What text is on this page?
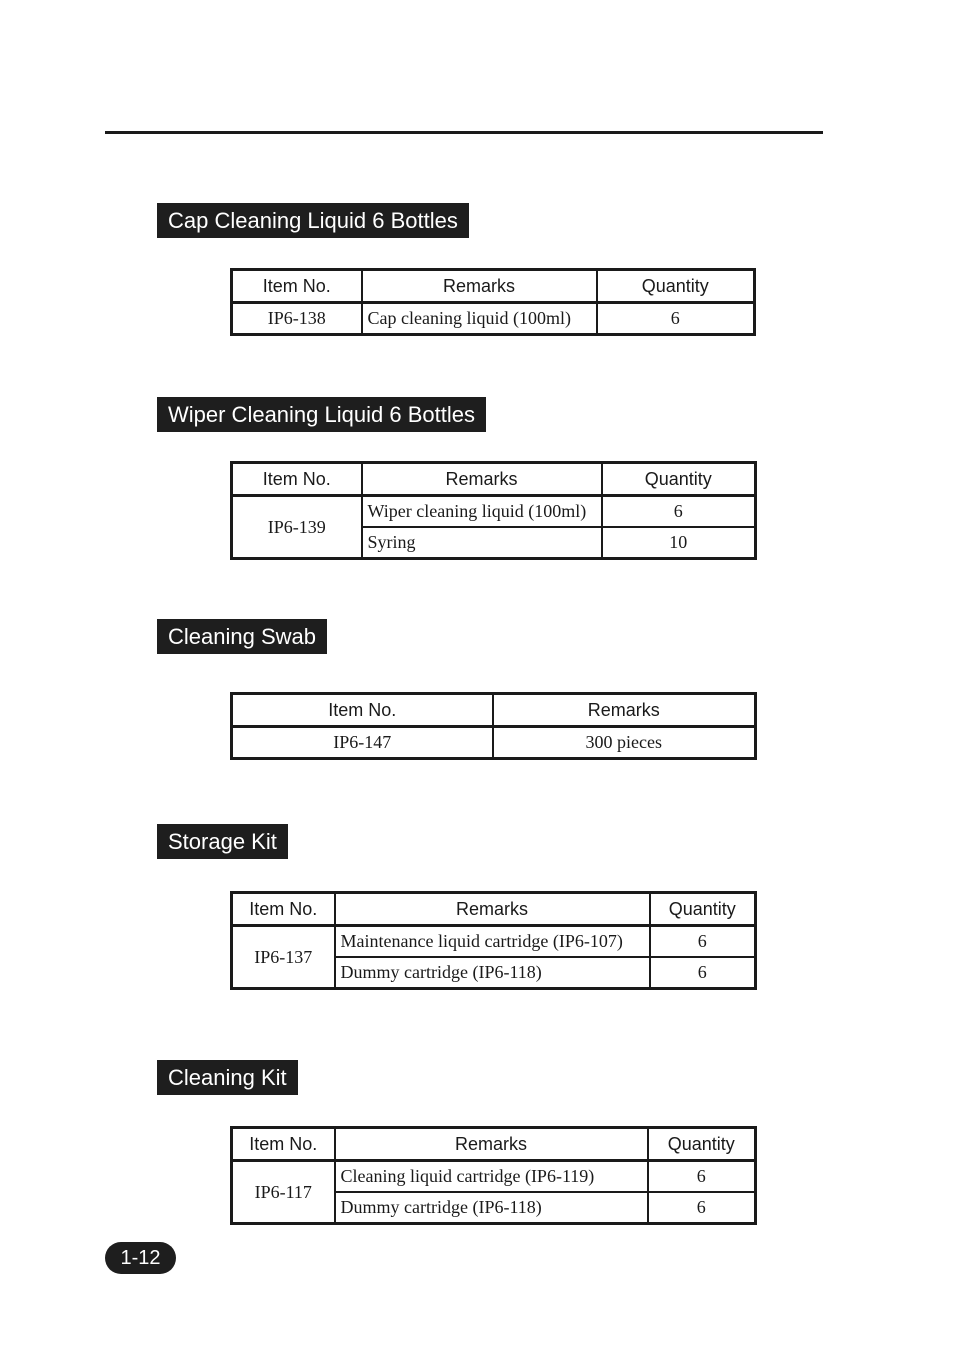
Cap Cleaning Liquid 6 Bottles
Item No.	Remarks	Quantity
IP6-138	Cap cleaning liquid (100ml)	6
Wiper Cleaning Liquid 6 Bottles
Item No.	Remarks	Quantity
IP6-139	Wiper cleaning liquid (100ml)	6
	Syring	10
Cleaning Swab
Item No.	Remarks
IP6-147	300 pieces
Storage Kit
Item No.	Remarks	Quantity
IP6-137	Maintenance liquid cartridge (IP6-107)	6
	Dummy cartridge (IP6-118)	6
Cleaning Kit
Item No.	Remarks	Quantity
IP6-117	Cleaning liquid cartridge (IP6-119)	6
	Dummy cartridge (IP6-118)	6
1-12
